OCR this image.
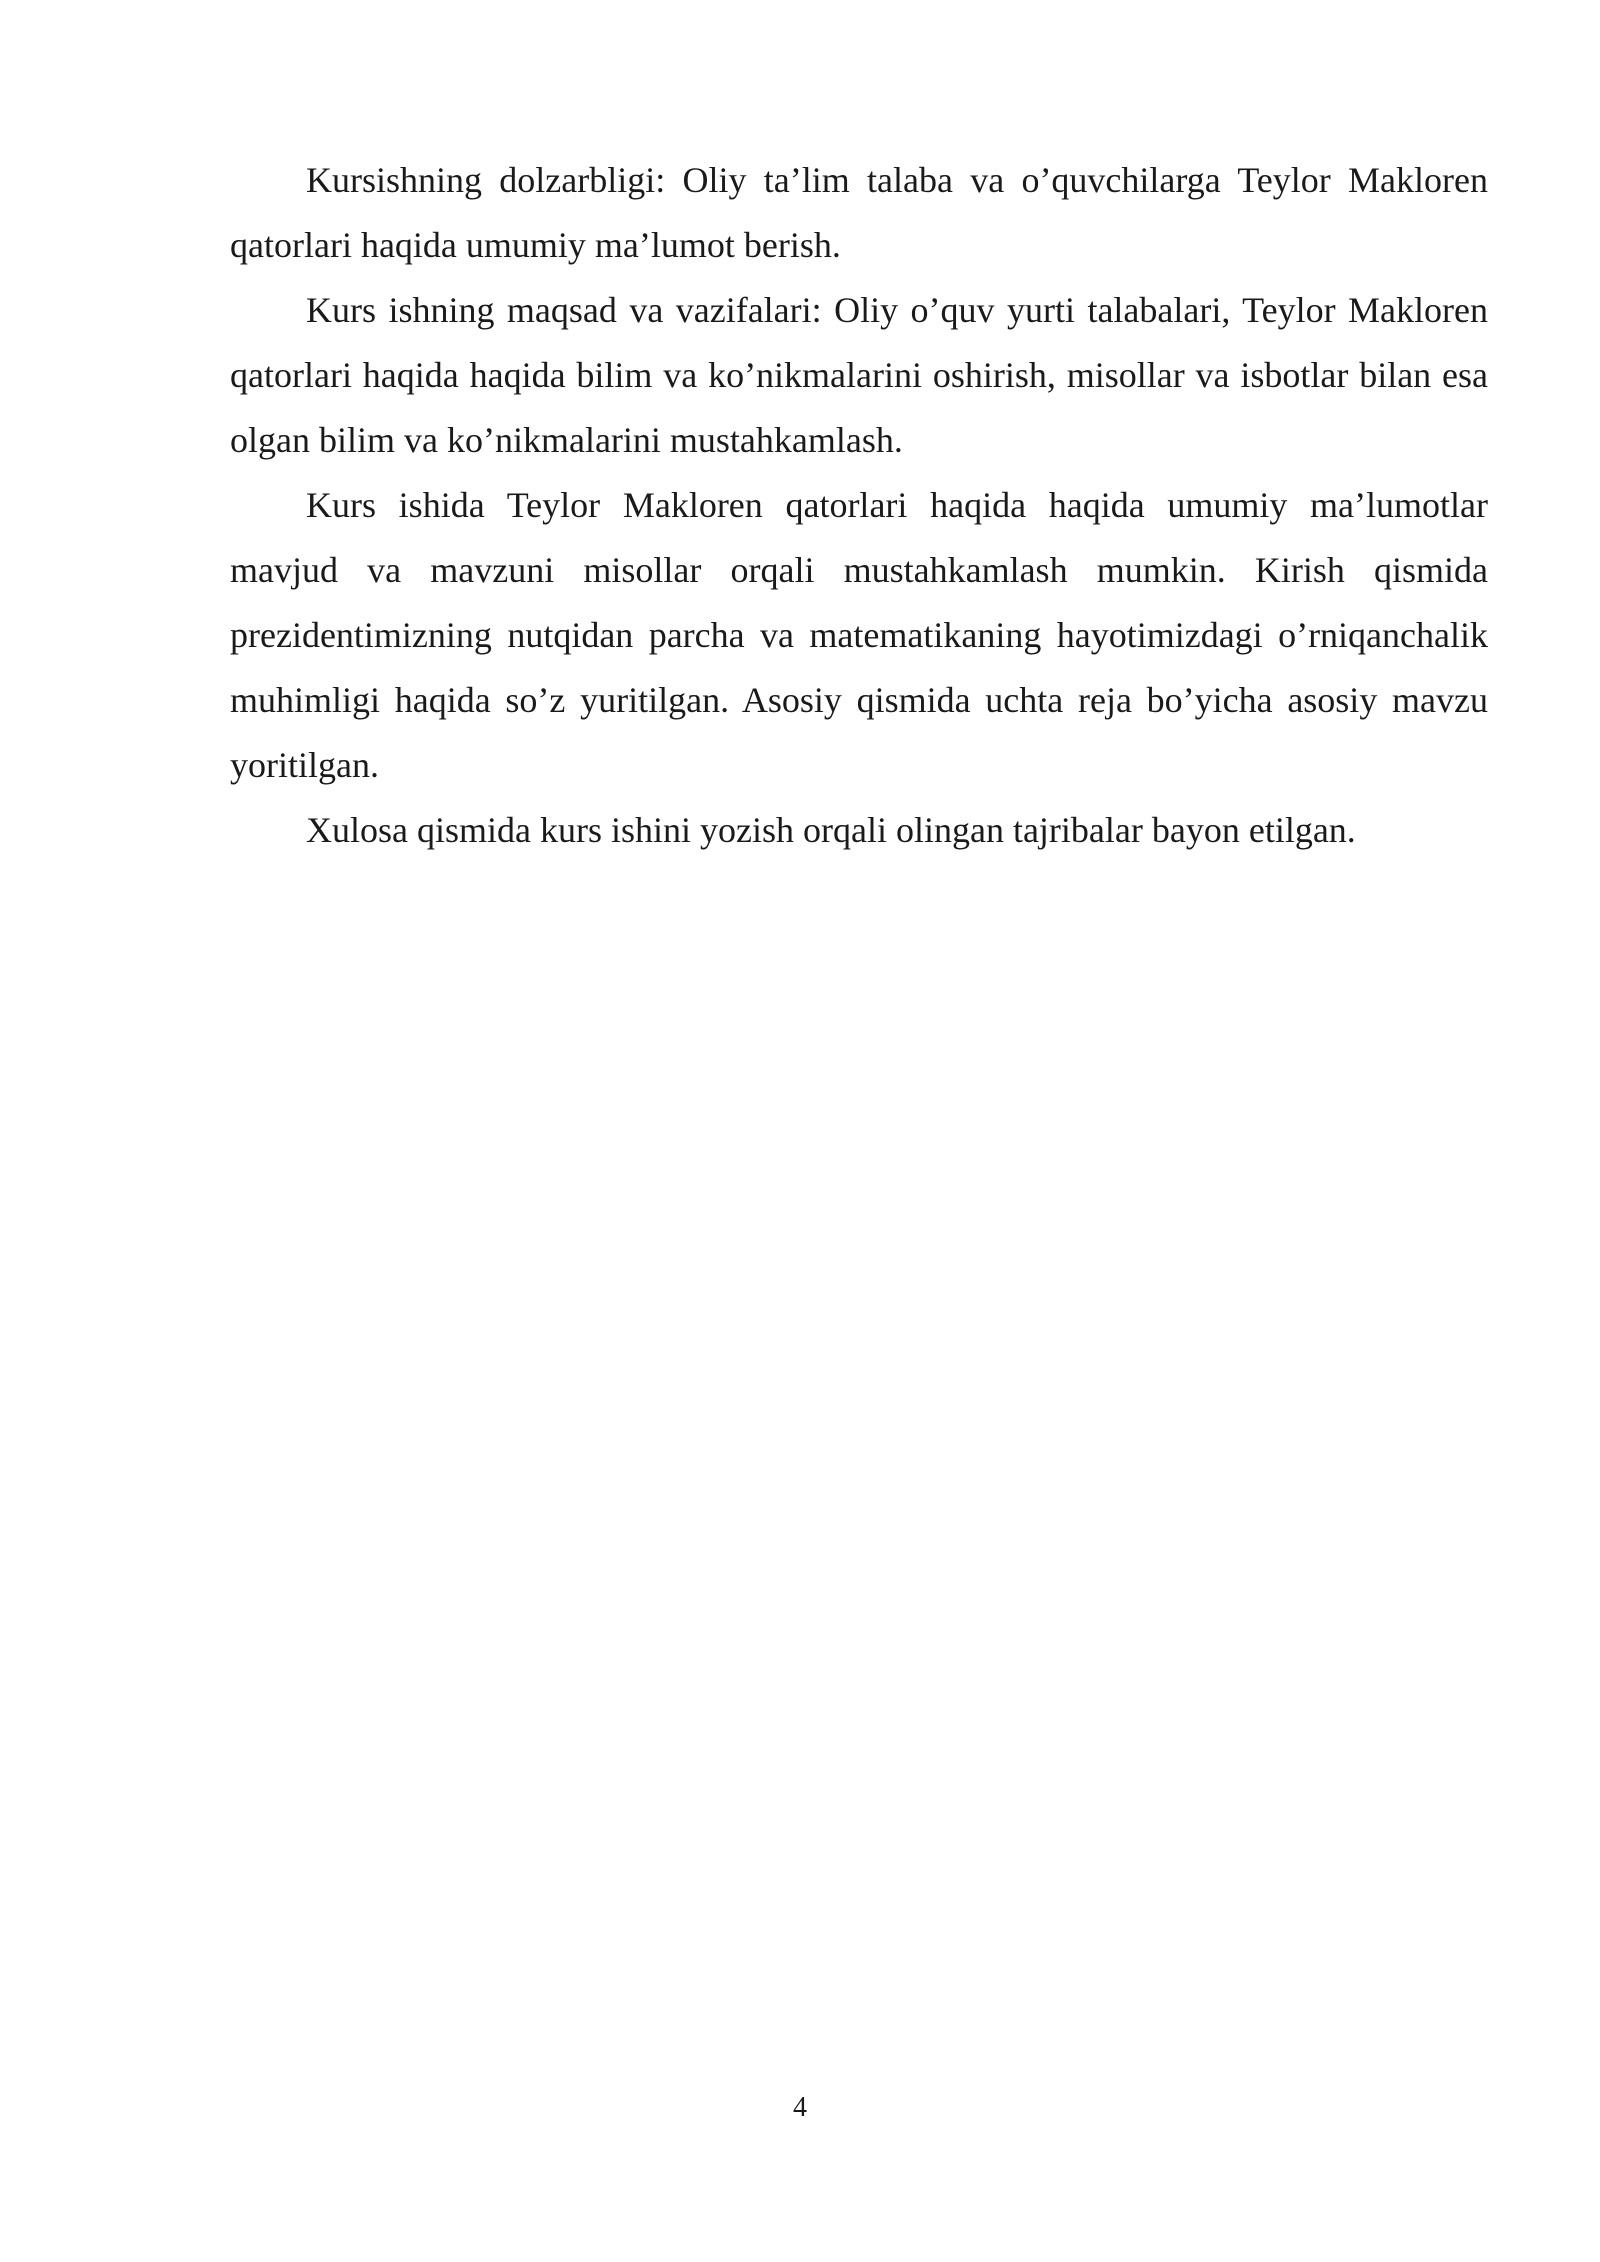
Kursishning dolzarbligi: Oliy ta’lim talaba va o’quvchilarga Teylor Makloren qatorlari haqida umumiy ma’lumot berish.

Kurs ishning maqsad va vazifalari: Oliy o’quv yurti talabalari, Teylor Makloren qatorlari haqida haqida bilim va ko’nikmalarini oshirish, misollar va isbotlar bilan esa olgan bilim va ko’nikmalarini mustahkamlash.

Kurs ishida Teylor Makloren qatorlari haqida haqida umumiy ma’lumotlar mavjud va mavzuni misollar orqali mustahkamlash mumkin. Kirish qismida prezidentimizning nutqidan parcha va matematikaning hayotimizdagi o’rniqanchalik muhimligi haqida so’z yuritilgan. Asosiy qismida uchta reja bo’yicha asosiy mavzu yoritilgan.

Xulosa qismida kurs ishini yozish orqali olingan tajribalar bayon etilgan.

4
